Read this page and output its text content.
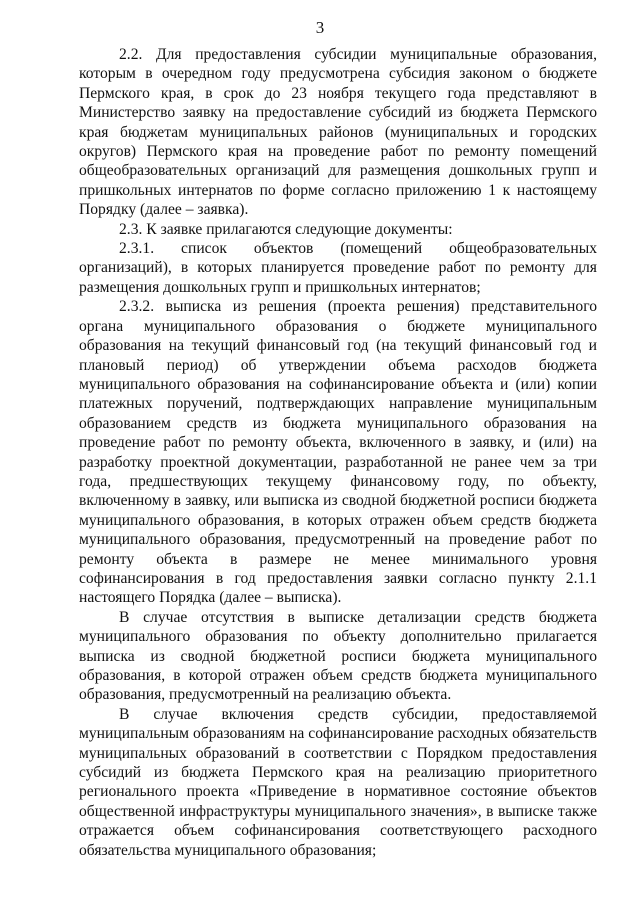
3

2.2. Для предоставления субсидии муниципальные образования, которым в очередном году предусмотрена субсидия законом о бюджете Пермского края, в срок до 23 ноября текущего года представляют в Министерство заявку на предоставление субсидий из бюджета Пермского края бюджетам муниципальных районов (муниципальных и городских округов) Пермского края на проведение работ по ремонту помещений общеобразовательных организаций для размещения дошкольных групп и пришкольных интернатов по форме согласно приложению 1 к настоящему Порядку (далее – заявка).

2.3. К заявке прилагаются следующие документы:

2.3.1. список объектов (помещений общеобразовательных организаций), в которых планируется проведение работ по ремонту для размещения дошкольных групп и пришкольных интернатов;

2.3.2. выписка из решения (проекта решения) представительного органа муниципального образования о бюджете муниципального образования на текущий финансовый год (на текущий финансовый год и плановый период) об утверждении объема расходов бюджета муниципального образования на софинансирование объекта и (или) копии платежных поручений, подтверждающих направление муниципальным образованием средств из бюджета муниципального образования на проведение работ по ремонту объекта, включенного в заявку, и (или) на разработку проектной документации, разработанной не ранее чем за три года, предшествующих текущему финансовому году, по объекту, включенному в заявку, или выписка из сводной бюджетной росписи бюджета муниципального образования, в которых отражен объем средств бюджета муниципального образования, предусмотренный на проведение работ по ремонту объекта в размере не менее минимального уровня софинансирования в год предоставления заявки согласно пункту 2.1.1 настоящего Порядка (далее – выписка).

В случае отсутствия в выписке детализации средств бюджета муниципального образования по объекту дополнительно прилагается выписка из сводной бюджетной росписи бюджета муниципального образования, в которой отражен объем средств бюджета муниципального образования, предусмотренный на реализацию объекта.

В случае включения средств субсидии, предоставляемой муниципальным образованиям на софинансирование расходных обязательств муниципальных образований в соответствии с Порядком предоставления субсидий из бюджета Пермского края на реализацию приоритетного регионального проекта «Приведение в нормативное состояние объектов общественной инфраструктуры муниципального значения», в выписке также отражается объем софинансирования соответствующего расходного обязательства муниципального образования;
